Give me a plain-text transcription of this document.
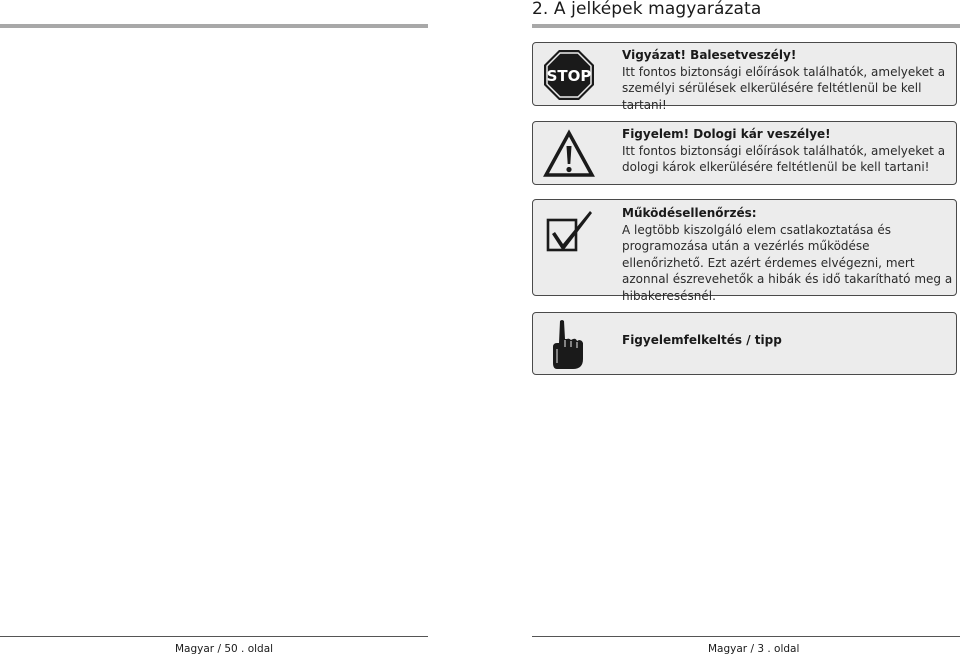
2. A jelképek magyarázata
STOP
Vigyázat! Balesetveszély!
Itt fontos biztonsági előírások találhatók, amelyeket a személyi sérülések elkerülésére feltétlenül be kell tartani!
Figyelem! Dologi kár veszélye!
Itt fontos biztonsági előírások találhatók, amelyeket a dologi károk elkerülésére feltétlenül be kell tartani!
Működésellenőrzés:
A legtöbb kiszolgáló elem csatlakoztatása és programozása után a vezérlés működése ellenőrizhető. Ezt azért érdemes elvégezni, mert azonnal észrevehetők a hibák és idő takarítható meg a hibakeresésnél.
Figyelemfelkeltés / tipp
Magyar / 50 . oldal	Magyar / 3 . oldal
